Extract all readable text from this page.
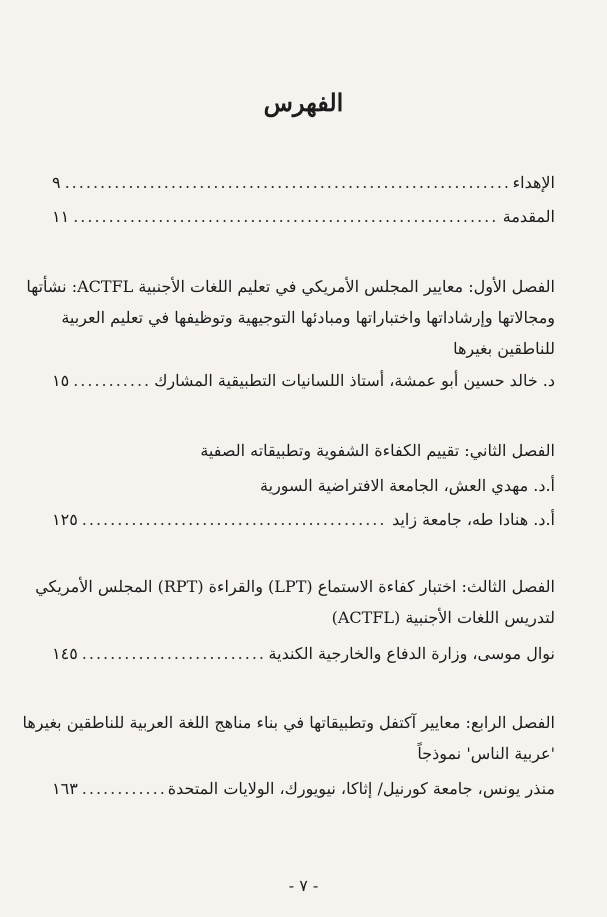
الفهرس
الإهداء
.....
٩
المقدمة
.....
١١
الفصل الأول: معايير المجلس الأمريكي في تعليم اللغات الأجنبية ACTFL: نشأتها
ومجالاتها وإرشاداتها واختباراتها ومبادئها التوجيهية وتوظيفها في تعليم العربية
للناطقين بغيرها
د. خالد حسين أبو عمشة، أستاذ اللسانيات التطبيقية المشارك
.....
١٥
الفصل الثاني: تقييم الكفاءة الشفوية وتطبيقاته الصفية
أ.د. مهدي العش، الجامعة الافتراضية السورية
أ.د. هنادا طه، جامعة زايد
.....
١٢٥
الفصل الثالث: اختبار كفاءة الاستماع (LPT) والقراءة (RPT) المجلس الأمريكي
لتدريس اللغات الأجنبية (ACTFL)
نوال موسى، وزارة الدفاع والخارجية الكندية
.....
١٤٥
الفصل الرابع: معايير آكتفل وتطبيقاتها في بناء مناهج اللغة العربية للناطقين بغيرها
'عربية الناس' نموذجاً
منذر يونس، جامعة كورنيل/ إثاكا، نيويورك، الولايات المتحدة
.....
١٦٣
- ٧ -
